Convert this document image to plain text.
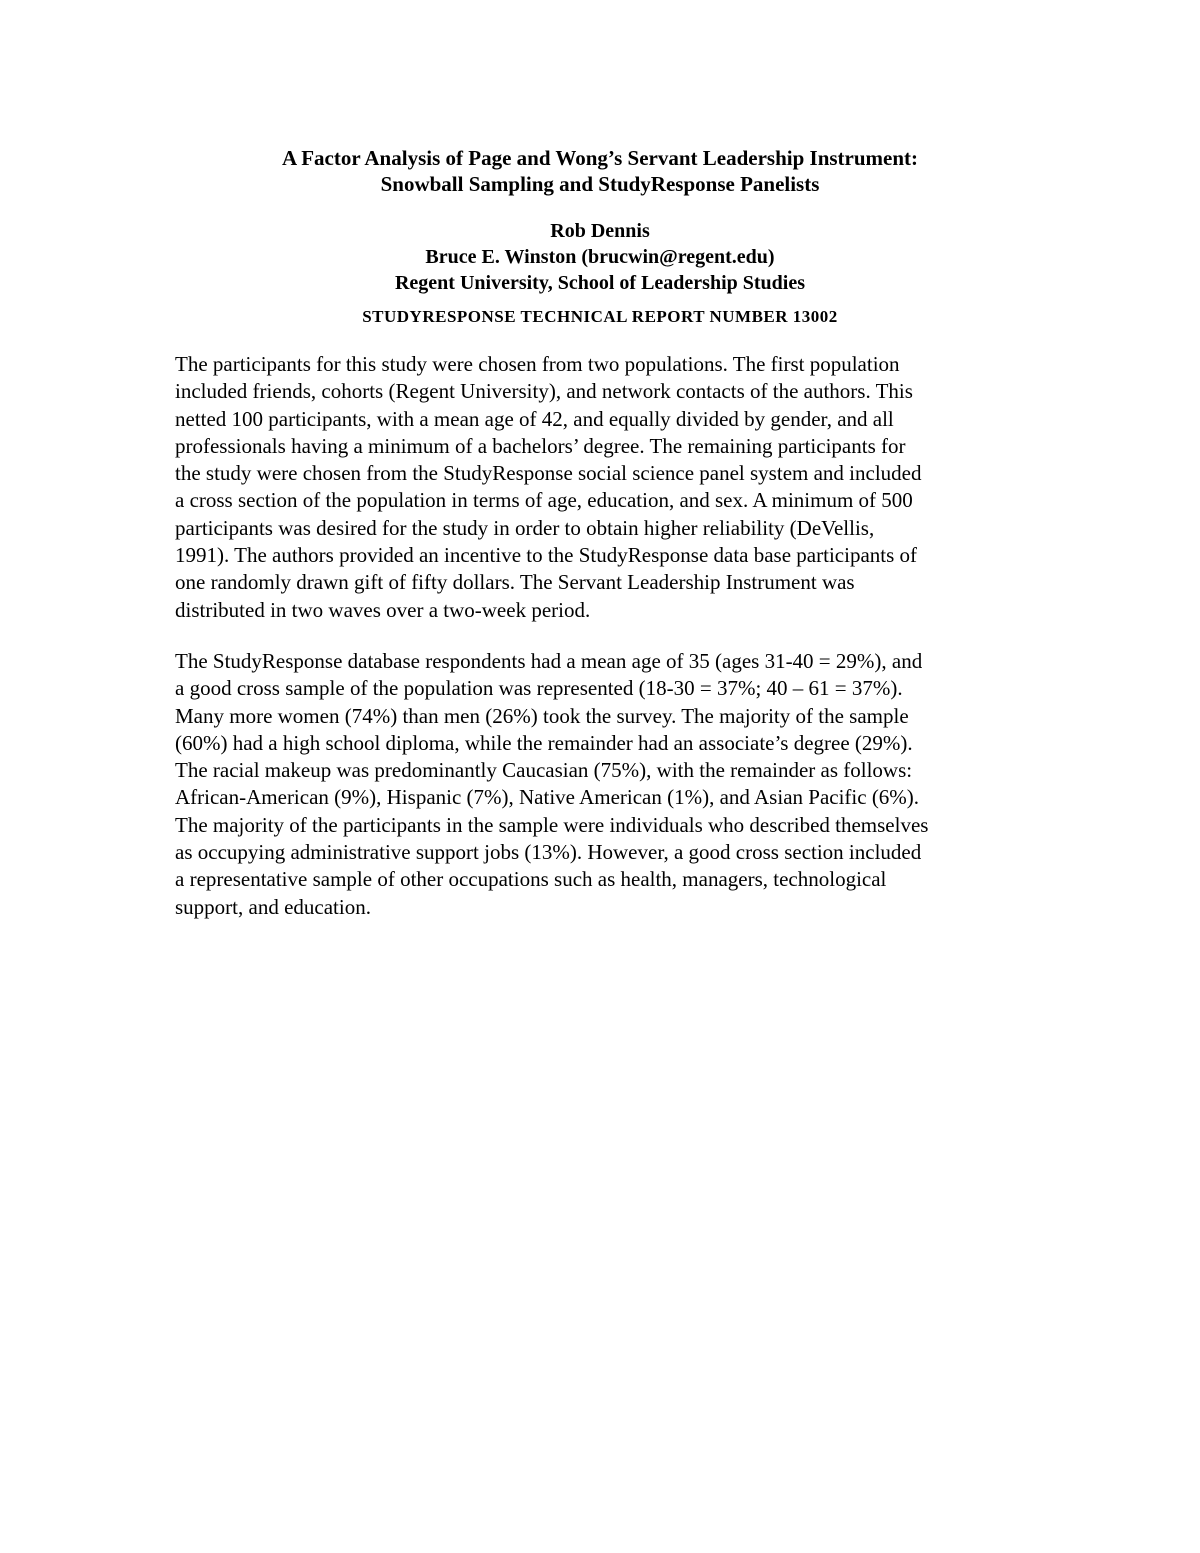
A Factor Analysis of Page and Wong’s Servant Leadership Instrument:
Snowball Sampling and StudyResponse Panelists
Rob Dennis
Bruce E. Winston (brucwin@regent.edu)
Regent University, School of Leadership Studies
STUDYRESPONSE TECHNICAL REPORT NUMBER 13002
The participants for this study were chosen from two populations. The first population
included friends, cohorts (Regent University), and network contacts of the authors. This
netted 100 participants, with a mean age of 42, and equally divided by gender, and all
professionals having a minimum of a bachelors’ degree. The remaining participants for
the study were chosen from the StudyResponse social science panel system and included
a cross section of the population in terms of age, education, and sex. A minimum of 500
participants was desired for the study in order to obtain higher reliability (DeVellis,
1991). The authors provided an incentive to the StudyResponse data base participants of
one randomly drawn gift of fifty dollars. The Servant Leadership Instrument was
distributed in two waves over a two-week period.
The StudyResponse database respondents had a mean age of 35 (ages 31-40 = 29%), and
a good cross sample of the population was represented (18-30 = 37%; 40 – 61 = 37%).
Many more women (74%) than men (26%) took the survey. The majority of the sample
(60%) had a high school diploma, while the remainder had an associate’s degree (29%).
The racial makeup was predominantly Caucasian (75%), with the remainder as follows:
African-American (9%), Hispanic (7%), Native American (1%), and Asian Pacific (6%).
The majority of the participants in the sample were individuals who described themselves
as occupying administrative support jobs (13%). However, a good cross section included
a representative sample of other occupations such as health, managers, technological
support, and education.
